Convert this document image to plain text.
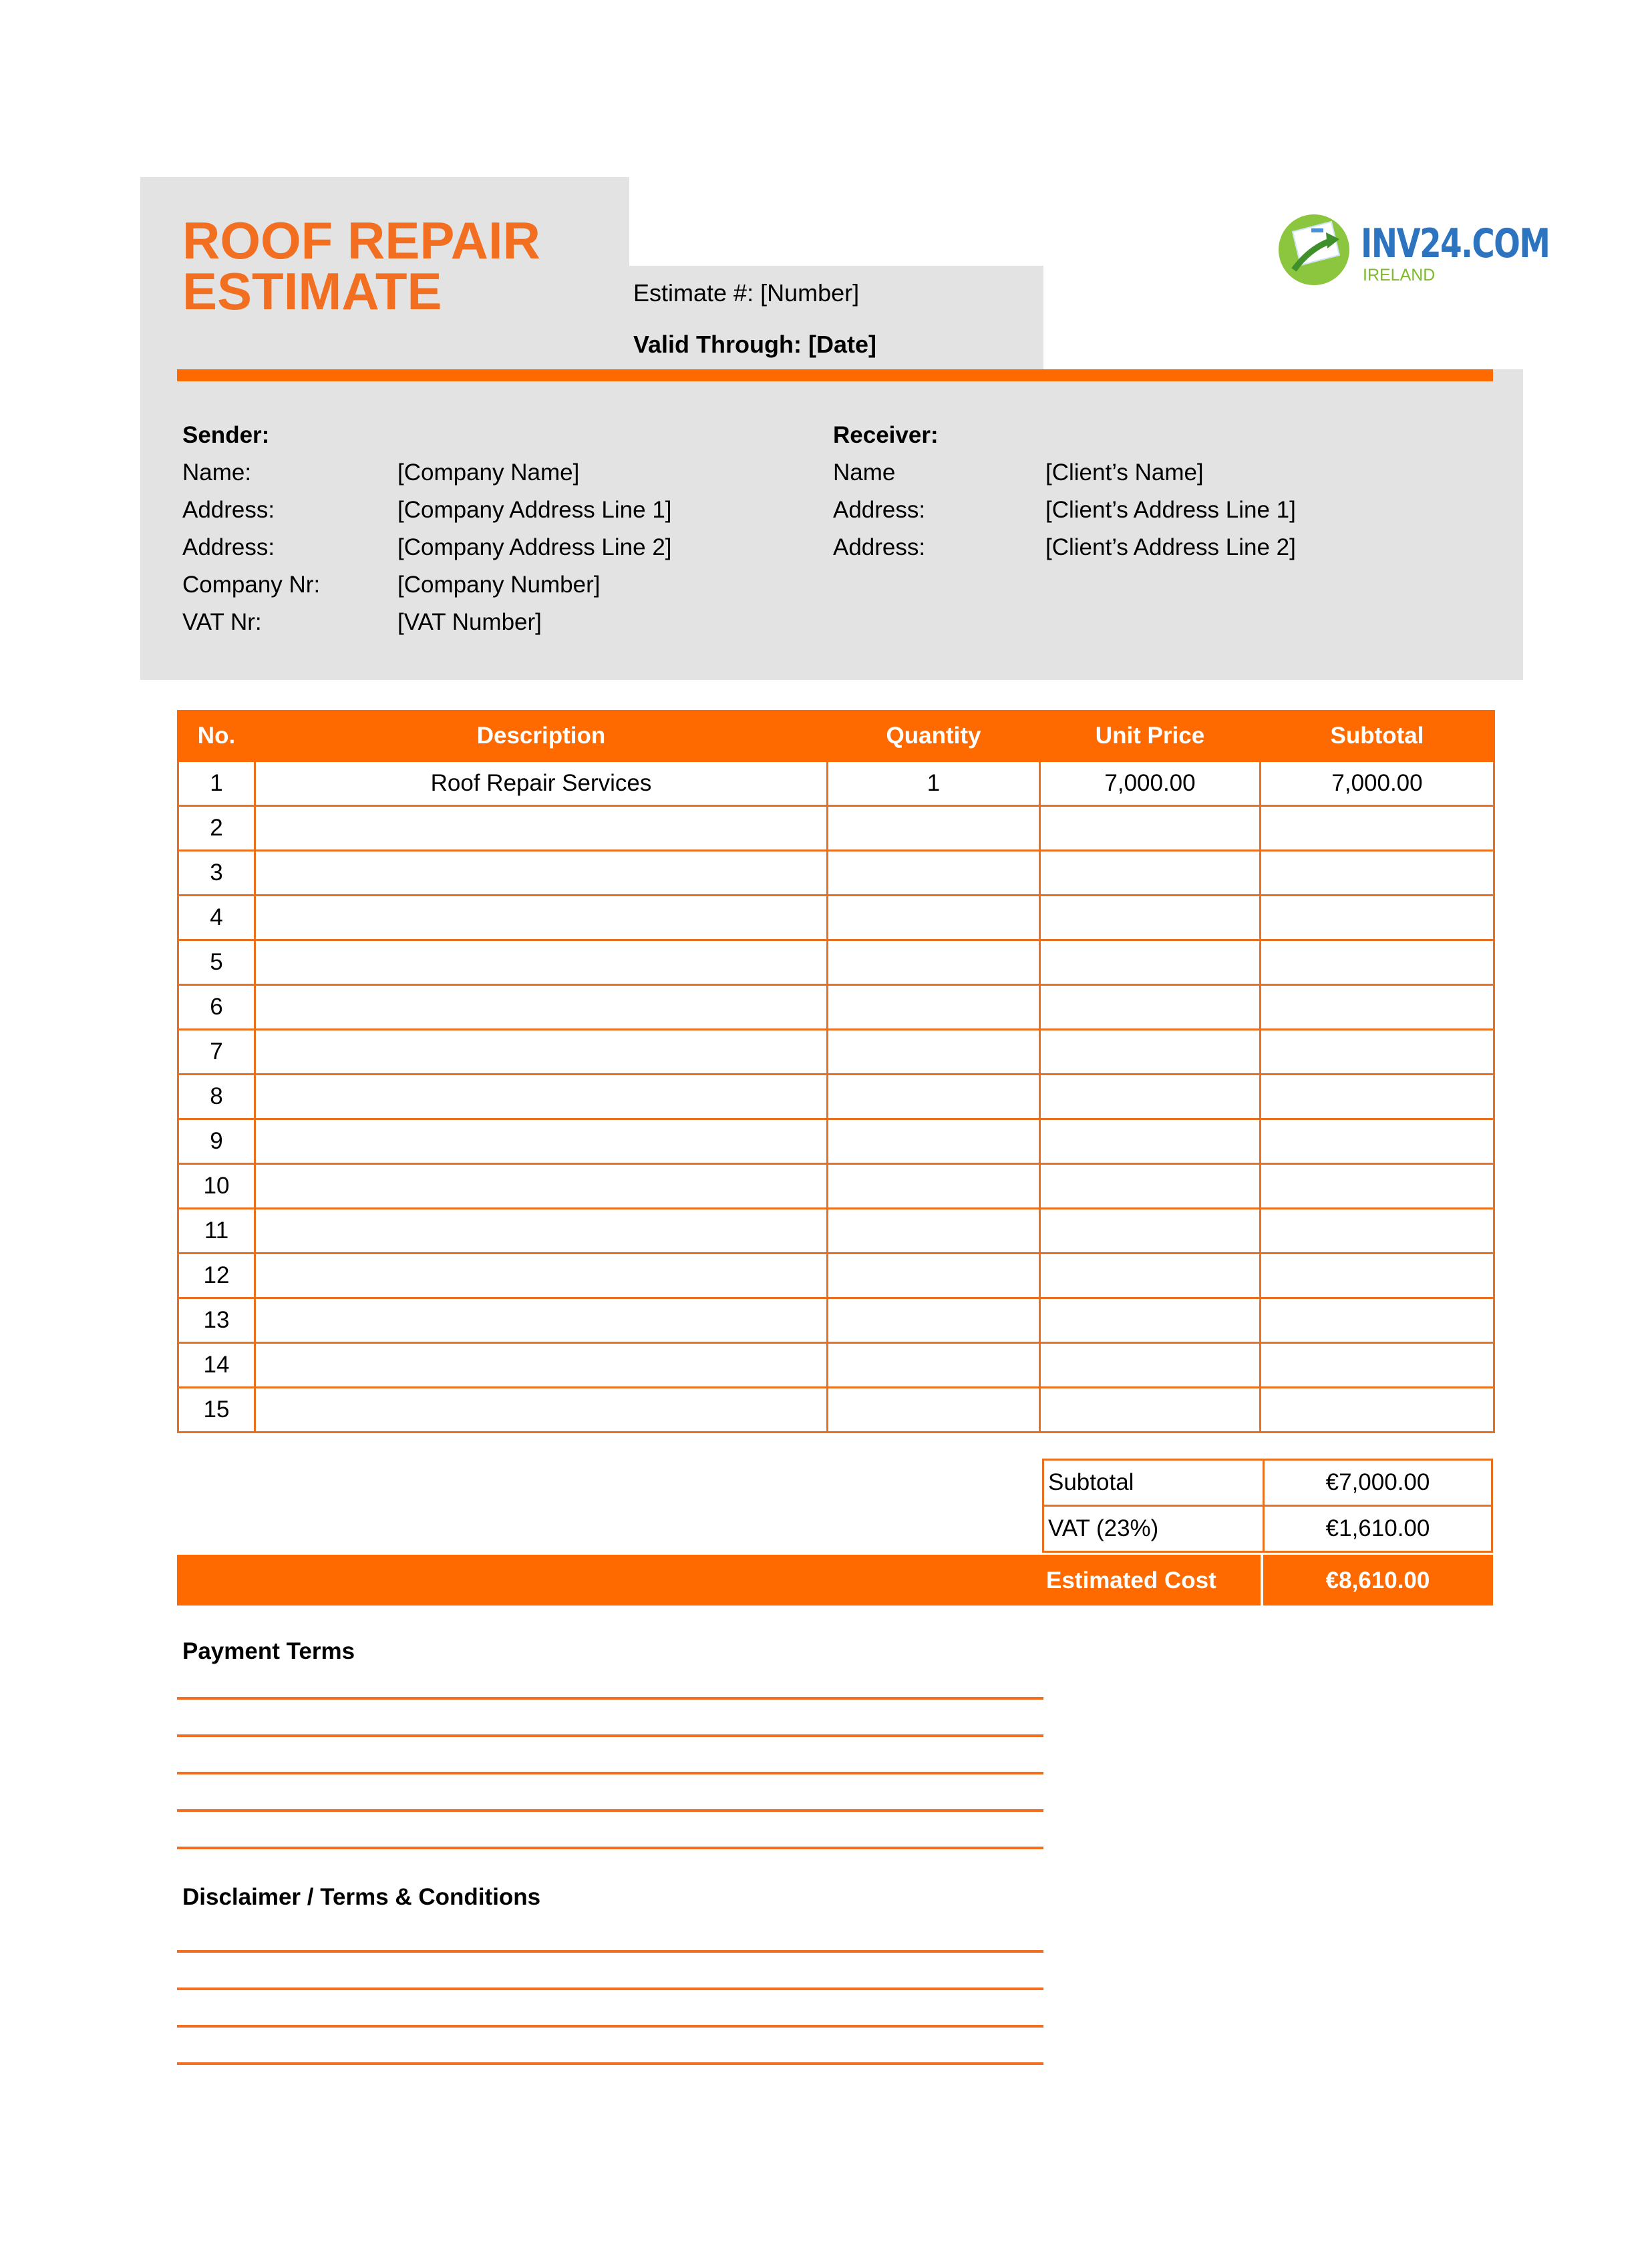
ROOF REPAIR
ESTIMATE	Estimate #: [Number]
Valid Through: [Date]
INV24.COM
IRELAND
Sender:
Name:	[Company Name]
Address:	[Company Address Line 1]
Address:	[Company Address Line 2]
Company Nr:	[Company Number]
VAT Nr:	[VAT Number]
Receiver:
Name	[Client’s Name]
Address:	[Client’s Address Line 1]
Address:	[Client’s Address Line 2]
No.	Description	Quantity	Unit Price	Subtotal
1	Roof Repair Services	1	7,000.00	7,000.00
2				
3				
4				
5				
6				
7				
8				
9				
10				
11				
12				
13				
14				
15				
Subtotal	€7,000.00
VAT (23%)	€1,610.00
Estimated Cost	€8,610.00
Payment Terms
Disclaimer / Terms & Conditions
